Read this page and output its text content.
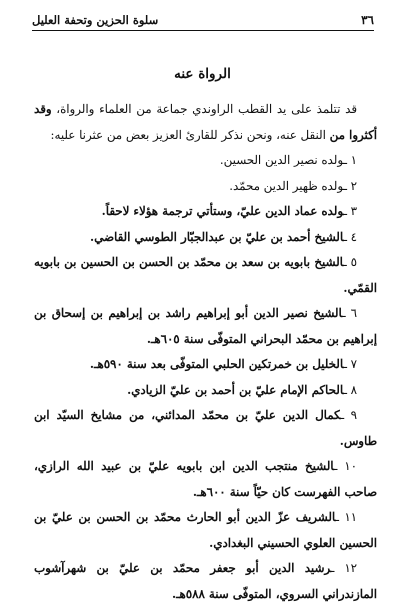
٣٦
سلوة الحزين وتحفة العليل
الرواة عنه

قد تتلمذ على يد القطب الراوندي جماعة من العلماء والرواة، وقد أكثروا من النقل عنه، ونحن نذكر للقارئ العزيز بعض من عثرنا عليه:

١ ـولده نصير الدين الحسين.

٢ ـولده ظهير الدين محمّد.

٣ ـولده عماد الدين عليّ، وستأتي ترجمة هؤلاء لاحقاً.

٤ ـالشيخ أحمد بن عليّ بن عبدالجبّار الطوسي القاضي.

٥ ـالشيخ بابويه بن سعد بن محمّد بن الحسن بن الحسين بن بابويه القمّي.

٦ ـالشيخ نصير الدين أبو إبراهيم راشد بن إبراهيم بن إسحاق بن إبراهيم بن محمّد البحراني المتوفّى سنة ٦٠٥هـ.

٧ ـالخليل بن خمرتكين الحلبي المتوفّى بعد سنة ٥٩٠هـ.

٨ ـالحاكم الإمام عليّ بن أحمد بن عليّ الزيادي.

٩ ـكمال الدين عليّ بن محمّد المدائني، من مشايخ السيّد ابن طاوس.

١٠ ـالشيخ منتجب الدين ابن بابويه عليّ بن عبيد الله الرازي، صاحب الفهرست كان حيّاً سنة ٦٠٠هـ.

١١ ـالشريف عزّ الدين أبو الحارث محمّد بن الحسن بن عليّ بن الحسين العلوي الحسيني البغدادي.

١٢ ـرشيد الدين أبو جعفر محمّد بن عليّ بن شهرآشوب المازندراني السروي، المتوفّى سنة ٥٨٨هـ.
